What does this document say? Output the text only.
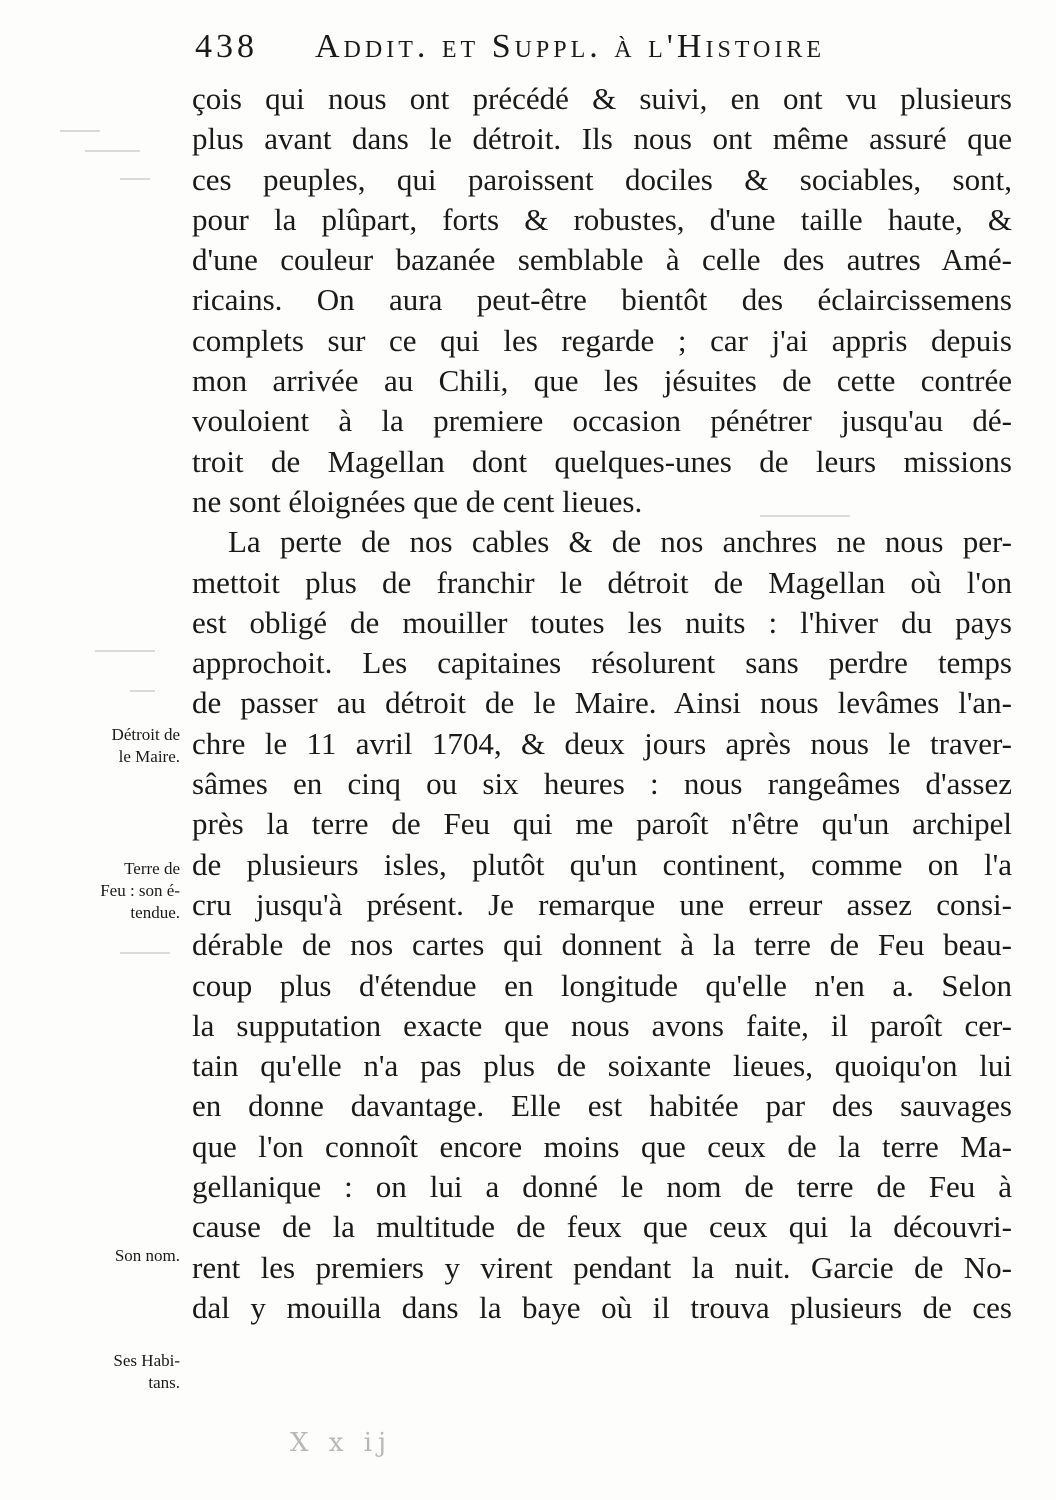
438 Addit. et Suppl. à l'Histoire
çois qui nous ont précédé & suivi, en ont vu plusieurs
plus avant dans le détroit. Ils nous ont même assuré que
ces peuples, qui paroissent dociles & sociables, sont,
pour la plûpart, forts & robustes, d'une taille haute, &
d'une couleur bazanée semblable à celle des autres Amé-
ricains. On aura peut-être bientôt des éclaircissemens
complets sur ce qui les regarde ; car j'ai appris depuis
mon arrivée au Chili, que les jésuites de cette contrée
vouloient à la premiere occasion pénétrer jusqu'au dé-
troit de Magellan dont quelques-unes de leurs missions
ne sont éloignées que de cent lieues.
La perte de nos cables & de nos anchres ne nous per-
mettoit plus de franchir le détroit de Magellan où l'on
est obligé de mouiller toutes les nuits : l'hiver du pays
approchoit. Les capitaines résolurent sans perdre temps
de passer au détroit de le Maire. Ainsi nous levâmes l'an-
chre le 11 avril 1704, & deux jours après nous le traver-
sâmes en cinq ou six heures : nous rangeâmes d'assez
près la terre de Feu qui me paroît n'être qu'un archipel
de plusieurs isles, plutôt qu'un continent, comme on l'a
cru jusqu'à présent. Je remarque une erreur assez consi-
dérable de nos cartes qui donnent à la terre de Feu beau-
coup plus d'étendue en longitude qu'elle n'en a. Selon
la supputation exacte que nous avons faite, il paroît cer-
tain qu'elle n'a pas plus de soixante lieues, quoiqu'on lui
en donne davantage. Elle est habitée par des sauvages
que l'on connoît encore moins que ceux de la terre Ma-
gellanique : on lui a donné le nom de terre de Feu à
cause de la multitude de feux que ceux qui la découvri-
rent les premiers y virent pendant la nuit. Garcie de No-
dal y mouilla dans la baye où il trouva plusieurs de ces
Détroit de
le Maire.
Terre de
Feu : son é-
tendue.
Son nom.
Ses Habi-
tans.
X x ij
